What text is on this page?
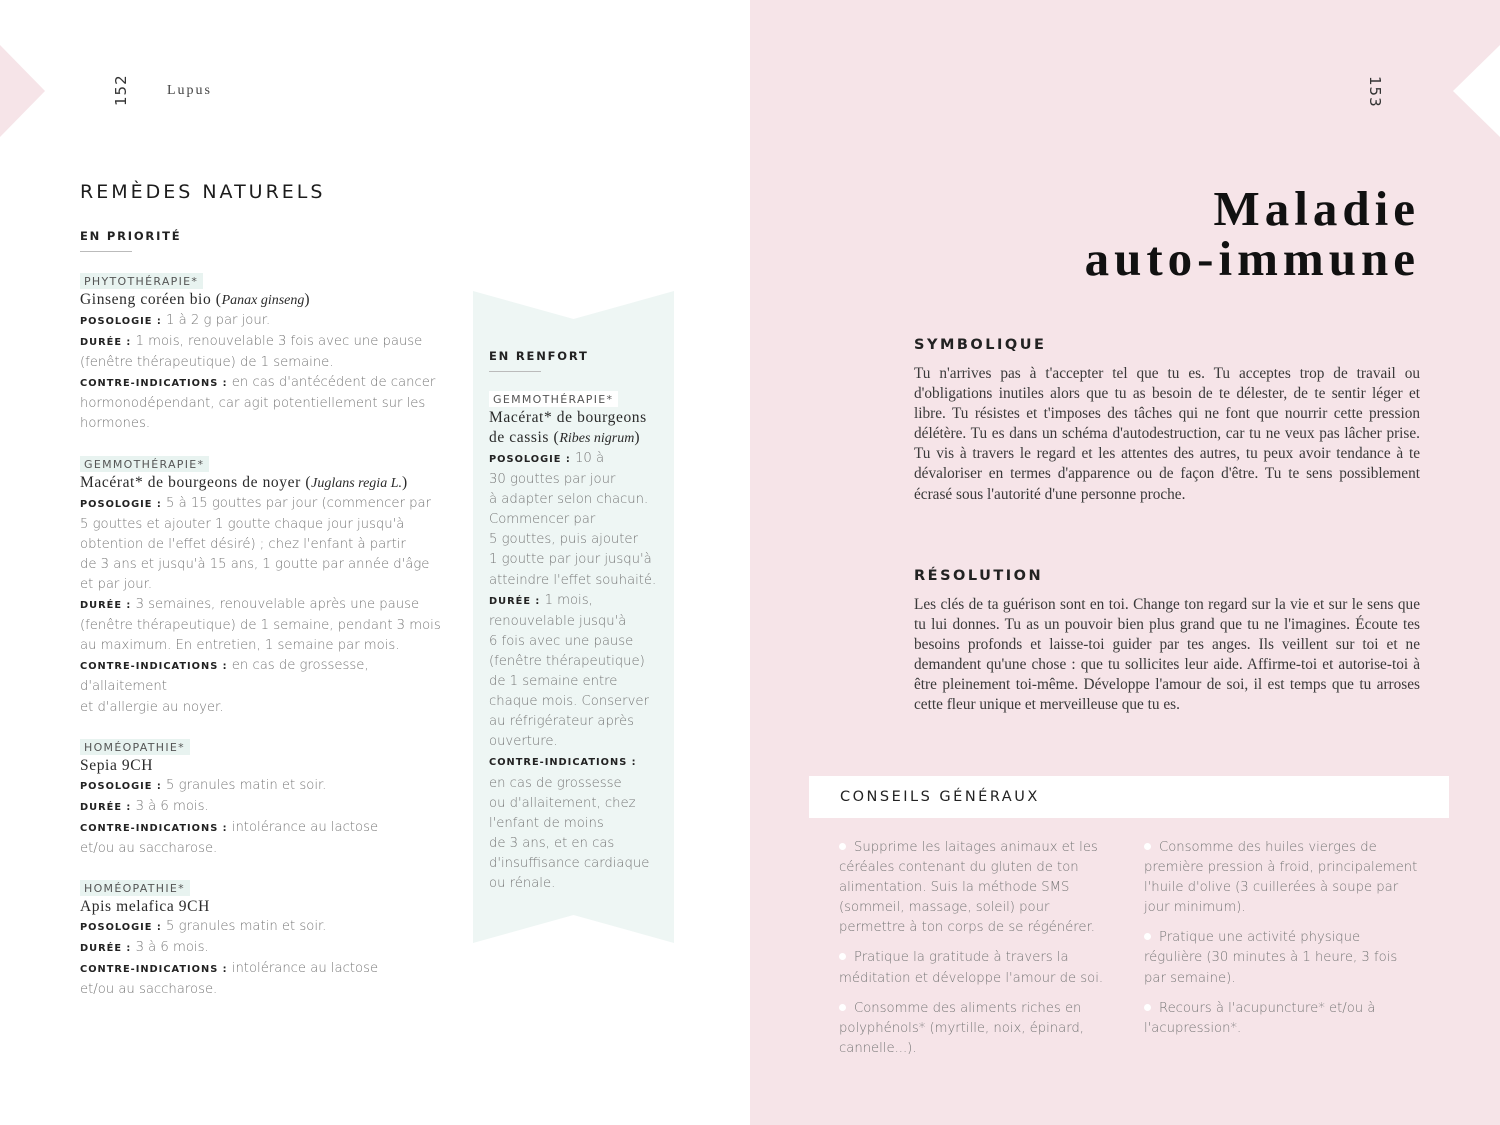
152	Lupus
REMÈDES NATURELS
EN PRIORITÉ
PHYTOTHÉRAPIE*
Ginseng coréen bio (Panax ginseng)
POSOLOGIE : 1 à 2 g par jour.
DURÉE : 1 mois, renouvelable 3 fois avec une pause
(fenêtre thérapeutique) de 1 semaine.
CONTRE-INDICATIONS : en cas d'antécédent de cancer
hormonodépendant, car agit potentiellement sur les
hormones.
GEMMOTHÉRAPIE*
Macérat* de bourgeons de noyer (Juglans regia L.)
POSOLOGIE : 5 à 15 gouttes par jour (commencer par
5 gouttes et ajouter 1 goutte chaque jour jusqu'à
obtention de l'effet désiré) ; chez l'enfant à partir
de 3 ans et jusqu'à 15 ans, 1 goutte par année d'âge
et par jour.
DURÉE : 3 semaines, renouvelable après une pause
(fenêtre thérapeutique) de 1 semaine, pendant 3 mois
au maximum. En entretien, 1 semaine par mois.
CONTRE-INDICATIONS : en cas de grossesse, d'allaitement
et d'allergie au noyer.
HOMÉOPATHIE*
Sepia 9CH
POSOLOGIE : 5 granules matin et soir.
DURÉE : 3 à 6 mois.
CONTRE-INDICATIONS : intolérance au lactose
et/ou au saccharose.
HOMÉOPATHIE*
Apis melafica 9CH
POSOLOGIE : 5 granules matin et soir.
DURÉE : 3 à 6 mois.
CONTRE-INDICATIONS : intolérance au lactose
et/ou au saccharose.
EN RENFORT
GEMMOTHÉRAPIE*
Macérat* de bourgeons
de cassis (Ribes nigrum)
POSOLOGIE : 10 à
30 gouttes par jour
à adapter selon chacun.
Commencer par
5 gouttes, puis ajouter
1 goutte par jour jusqu'à
atteindre l'effet souhaité.
DURÉE : 1 mois,
renouvelable jusqu'à
6 fois avec une pause
(fenêtre thérapeutique)
de 1 semaine entre
chaque mois. Conserver
au réfrigérateur après
ouverture.
CONTRE-INDICATIONS :
en cas de grossesse
ou d'allaitement, chez
l'enfant de moins
de 3 ans, et en cas
d'insuffisance cardiaque
ou rénale.
153
Maladie
auto-immune
SYMBOLIQUE
Tu n'arrives pas à t'accepter tel que tu es. Tu acceptes trop de travail ou d'obligations inutiles alors que tu as besoin de te délester, de te sentir léger et libre. Tu résistes et t'imposes des tâches qui ne font que nourrir cette pression délétère. Tu es dans un schéma d'autodestruction, car tu ne veux pas lâcher prise. Tu vis à travers le regard et les attentes des autres, tu peux avoir tendance à te dévaloriser en termes d'apparence ou de façon d'être. Tu te sens possiblement écrasé sous l'autorité d'une personne proche.
RÉSOLUTION
Les clés de ta guérison sont en toi. Change ton regard sur la vie et sur le sens que tu lui donnes. Tu as un pouvoir bien plus grand que tu ne l'imagines. Écoute tes besoins profonds et laisse-toi guider par tes anges. Ils veillent sur toi et ne demandent qu'une chose : que tu sollicites leur aide. Affirme-toi et autorise-toi à être pleinement toi-même. Développe l'amour de soi, il est temps que tu arroses cette fleur unique et merveilleuse que tu es.
CONSEILS GÉNÉRAUX
Supprime les laitages animaux et les céréales contenant du gluten de ton alimentation. Suis la méthode SMS (sommeil, massage, soleil) pour permettre à ton corps de se régénérer.
Pratique la gratitude à travers la méditation et développe l'amour de soi.
Consomme des aliments riches en polyphénols* (myrtille, noix, épinard, cannelle...).
Consomme des huiles vierges de première pression à froid, principalement l'huile d'olive (3 cuillerées à soupe par jour minimum).
Pratique une activité physique régulière (30 minutes à 1 heure, 3 fois par semaine).
Recours à l'acupuncture* et/ou à l'acupression*.
